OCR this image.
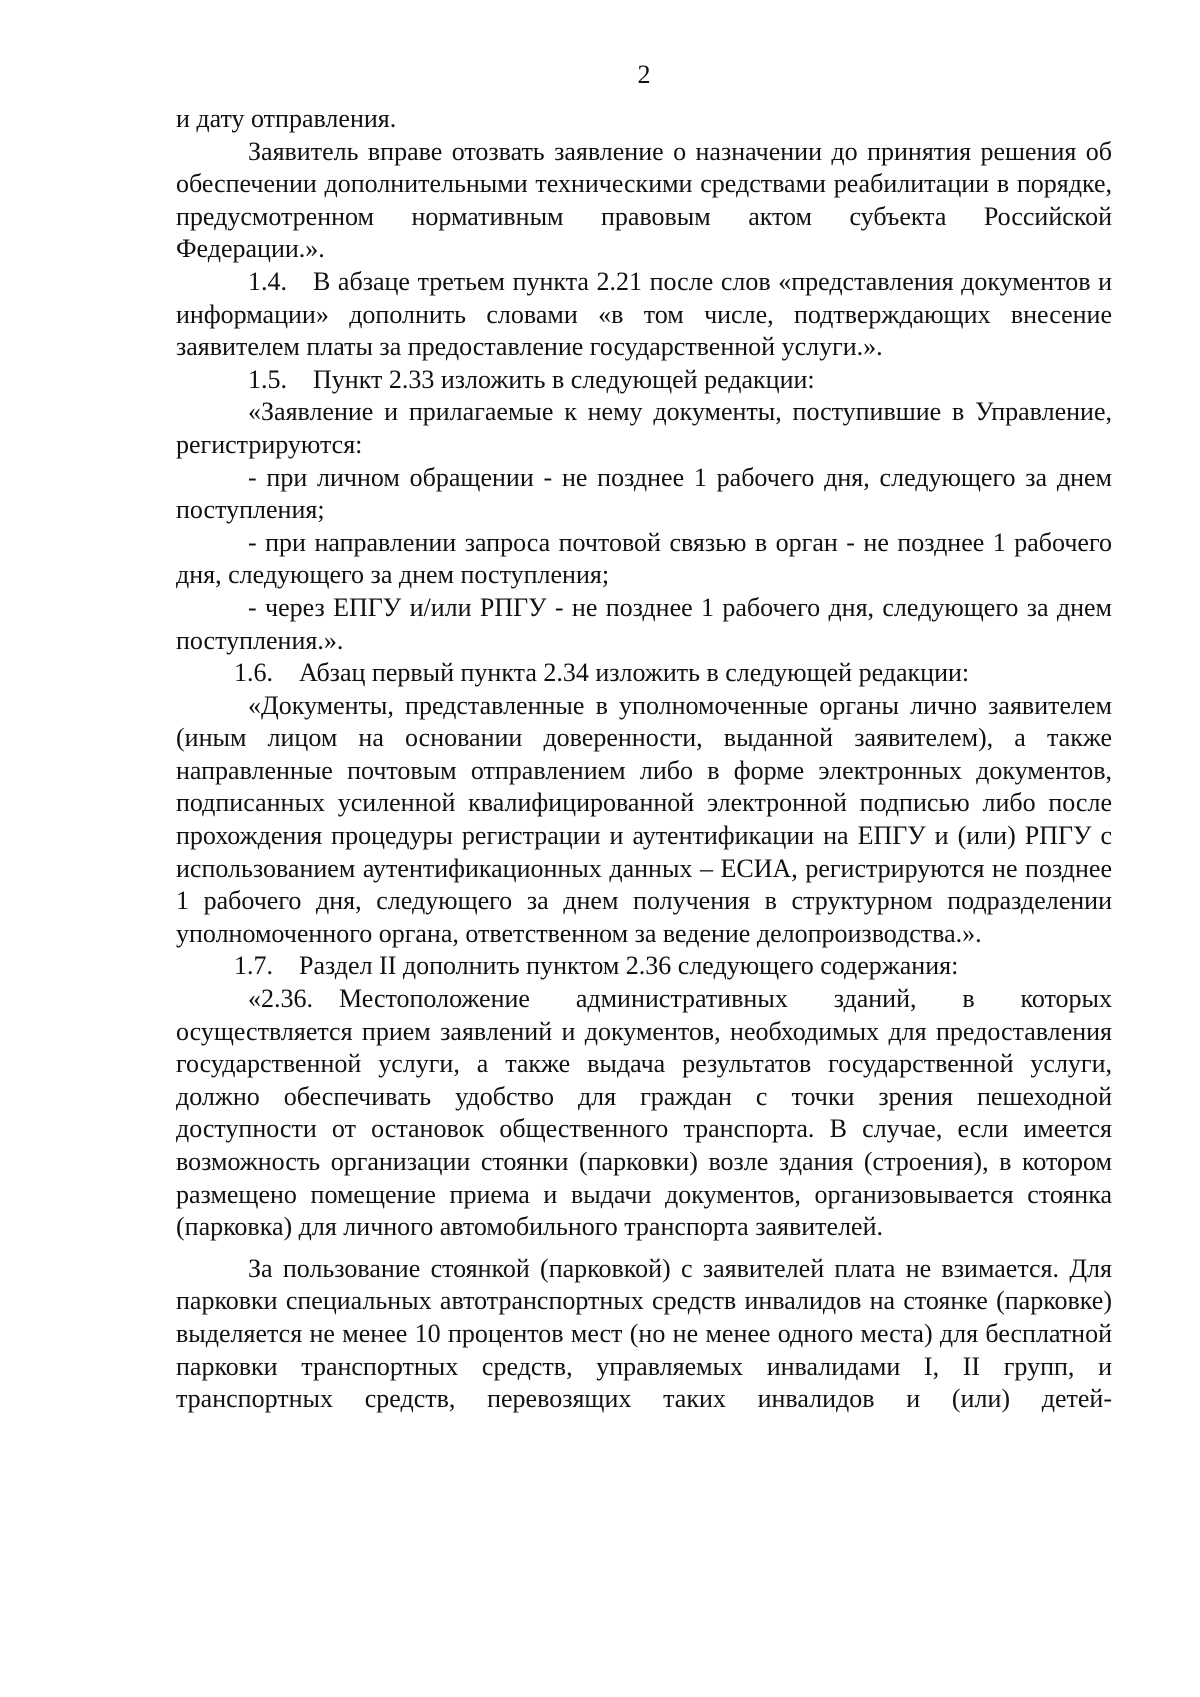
2

и дату отправления.

Заявитель вправе отозвать заявление о назначении до принятия решения об обеспечении дополнительными техническими средствами реабилитации в порядке, предусмотренном нормативным правовым актом субъекта Российской Федерации.».

1.4. В абзаце третьем пункта 2.21 после слов «представления документов и информации» дополнить словами «в том числе, подтверждающих внесение заявителем платы за предоставление государственной услуги.».

1.5. Пункт 2.33 изложить в следующей редакции:

«Заявление и прилагаемые к нему документы, поступившие в Управление, регистрируются:

- при личном обращении - не позднее 1 рабочего дня, следующего за днем поступления;

- при направлении запроса почтовой связью в орган - не позднее 1 рабочего дня, следующего за днем поступления;

- через ЕПГУ и/или РПГУ - не позднее 1 рабочего дня, следующего за днем поступления.».

1.6. Абзац первый пункта 2.34 изложить в следующей редакции:

«Документы, представленные в уполномоченные органы лично заявителем (иным лицом на основании доверенности, выданной заявителем), а также направленные почтовым отправлением либо в форме электронных документов, подписанных усиленной квалифицированной электронной подписью либо после прохождения процедуры регистрации и аутентификации на ЕПГУ и (или) РПГУ с использованием аутентификационных данных – ЕСИА, регистрируются не позднее 1 рабочего дня, следующего за днем получения в структурном подразделении уполномоченного органа, ответственном за ведение делопроизводства.».

1.7. Раздел II дополнить пунктом 2.36 следующего содержания:

«2.36. Местоположение административных зданий, в которых осуществляется прием заявлений и документов, необходимых для предоставления государственной услуги, а также выдача результатов государственной услуги, должно обеспечивать удобство для граждан с точки зрения пешеходной доступности от остановок общественного транспорта. В случае, если имеется возможность организации стоянки (парковки) возле здания (строения), в котором размещено помещение приема и выдачи документов, организовывается стоянка (парковка) для личного автомобильного транспорта заявителей.

За пользование стоянкой (парковкой) с заявителей плата не взимается. Для парковки специальных автотранспортных средств инвалидов на стоянке (парковке) выделяется не менее 10 процентов мест (но не менее одного места) для бесплатной парковки транспортных средств, управляемых инвалидами I, II групп, и транспортных средств, перевозящих таких инвалидов и (или) детей-
